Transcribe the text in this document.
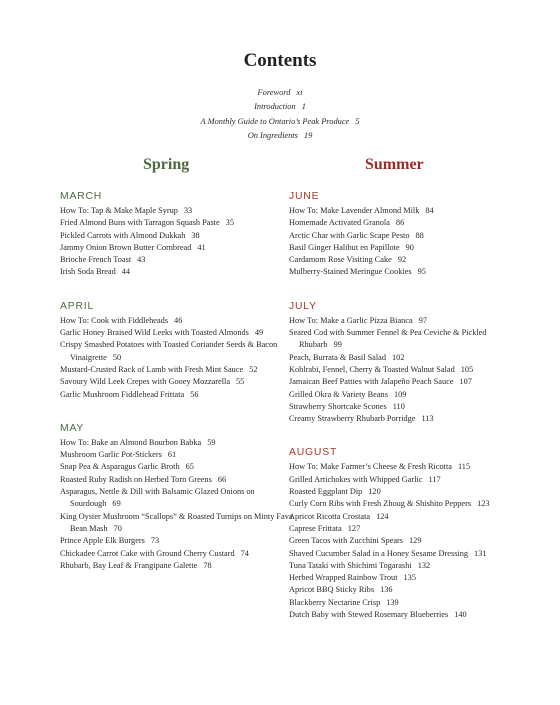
Contents
Foreword xi
Introduction 1
A Monthly Guide to Ontario’s Peak Produce 5
On Ingredients 19
Spring	Summer
MARCH
How To: Tap & Make Maple Syrup 33
Fried Almond Buns with Tarragon Squash Paste 35
Pickled Carrots with Almond Dukkah 38
Jammy Onion Brown Butter Cornbread 41
Brioche French Toast 43
Irish Soda Bread 44
APRIL
How To: Cook with Fiddleheads 46
Garlic Honey Braised Wild Leeks with Toasted Almonds 49
Crispy Smashed Potatoes with Toasted Coriander Seeds & Bacon Vinaigrette 50
Mustard-Crusted Rack of Lamb with Fresh Mint Sauce 52
Savoury Wild Leek Crepes with Gooey Mozzarella 55
Garlic Mushroom Fiddlehead Frittata 56
MAY
How To: Bake an Almond Bourbon Babka 59
Mushroom Garlic Pot-Stickers 61
Snap Pea & Asparagus Garlic Broth 65
Roasted Ruby Radish on Herbed Torn Greens 66
Asparagus, Nettle & Dill with Balsamic Glazed Onions on Sourdough 69
King Oyster Mushroom “Scallops” & Roasted Turnips on Minty Fava Bean Mash 70
Prince Apple Elk Burgers 73
Chickadee Carrot Cake with Ground Cherry Custard 74
Rhubarb, Bay Leaf & Frangipane Galette 78
JUNE
How To: Make Lavender Almond Milk 84
Homemade Activated Granola 86
Arctic Char with Garlic Scape Pesto 88
Basil Ginger Halibut en Papillote 90
Cardamom Rose Visiting Cake 92
Mulberry-Stained Meringue Cookies 95
JULY
How To: Make a Garlic Pizza Bianca 97
Seared Cod with Summer Fennel & Pea Ceviche & Pickled Rhubarb 99
Peach, Burrata & Basil Salad 102
Kohlrabi, Fennel, Cherry & Toasted Walnut Salad 105
Jamaican Beef Patties with Jalapeño Peach Sauce 107
Grilled Okra & Variety Beans 109
Strawberry Shortcake Scones 110
Creamy Strawberry Rhubarb Porridge 113
AUGUST
How To: Make Farmer’s Cheese & Fresh Ricotta 115
Grilled Artichokes with Whipped Garlic 117
Roasted Eggplant Dip 120
Curly Corn Ribs with Fresh Zhoug & Shishito Peppers 123
Apricot Ricotta Crostata 124
Caprese Frittata 127
Green Tacos with Zucchini Spears 129
Shaved Cucumber Salad in a Honey Sesame Dressing 131
Tuna Tataki with Shichimi Togarashi 132
Herbed Wrapped Rainbow Trout 135
Apricot BBQ Sticky Ribs 136
Blackberry Nectarine Crisp 139
Dutch Baby with Stewed Rosemary Blueberries 140
